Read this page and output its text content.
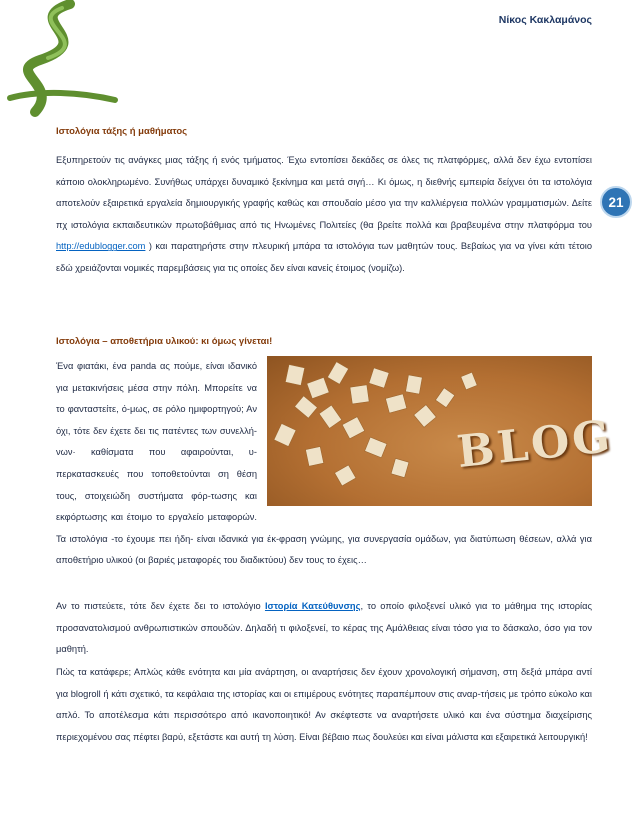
Νίκος Κακλαμάνος
21
Ιστολόγια τάξης ή μαθήματος

Εξυπηρετούν τις ανάγκες μιας τάξης ή ενός τμήματος. Έχω εντοπίσει δεκάδες σε όλες τις πλατφόρμες, αλλά δεν έχω εντοπίσει κάποιο ολοκληρωμένο. Συνήθως υπάρχει δυναμικό ξεκίνημα και μετά σιγή… Κι όμως, η διεθνής εμπειρία δείχνει ότι τα ιστολόγια αποτελούν εξαιρετικά εργαλεία δημιουργικής γραφής καθώς και σπουδαίο μέσο για την καλλιέργεια πολλών γραμματισμών. Δείτε πχ ιστολόγια εκπαιδευτικών πρωτοβάθμιας από τις Ηνωμένες Πολιτείες (θα βρείτε πολλά και βραβευμένα στην πλατφόρμα του http://edublogger.com ) και παρατηρήστε στην πλευρική μπάρα τα ιστολόγια των μαθητών τους. Βεβαίως για να γίνει κάτι τέτοιο εδώ χρειάζονται νομικές παρεμβάσεις για τις οποίες δεν είναι κανείς έτοιμος (νομίζω).

Ιστολόγια – αποθετήρια υλικού: κι όμως γίνεται!
BLOG
Ένα φιατάκι, ένα panda ας πούμε, είναι ιδανικό για μετακινήσεις μέσα στην πόλη. Μπορείτε να το φανταστείτε, ό-μως, σε ρόλο ημιφορτηγού; Αν όχι, τότε δεν έχετε δει τις πατέντες των συνελλή-νων· καθίσματα που αφαιρούνται, υ-περκατασκευές που τοποθετούνται ση θέση τους, στοιχειώδη συστήματα φόρ-τωσης και εκφόρτωσης και έτοιμο το εργαλείο μεταφορών. Τα ιστολόγια -το έχουμε πει ήδη- είναι ιδανικά για έκ-φραση γνώμης, για συνεργασία ομάδων, για διατύπωση θέσεων, αλλά για αποθετήριο υλικού (οι βαριές μεταφορές του διαδικτύου) δεν τους το έχεις…

Αν το πιστεύετε, τότε δεν έχετε δει το ιστολόγιο Ιστορία Κατεύθυνσης, το οποίο φιλοξενεί υλικό για το μάθημα της ιστορίας προσανατολισμού ανθρωπιστικών σπουδών. Δηλαδή τι φιλοξενεί, το κέρας της Αμάλθειας είναι τόσο για το δάσκαλο, όσο για τον μαθητή.

Πώς τα κατάφερε; Απλώς κάθε ενότητα και μία ανάρτηση, οι αναρτήσεις δεν έχουν χρονολογική σήμανση, στη δεξιά μπάρα αντί για blogroll ή κάτι σχετικό, τα κεφάλαια της ιστορίας και οι επιμέρους ενότητες παραπέμπουν στις αναρ-τήσεις με τρόπο εύκολο και απλό. Το αποτέλεσμα κάτι περισσότερο από ικανοποιητικό! Αν σκέφτεστε να αναρτήσετε υλικό και ένα σύστημα διαχείρισης περιεχομένου σας πέφτει βαρύ, εξετάστε και αυτή τη λύση. Είναι βέβαιο πως δουλεύει και είναι μάλιστα και εξαιρετικά λειτουργική!
